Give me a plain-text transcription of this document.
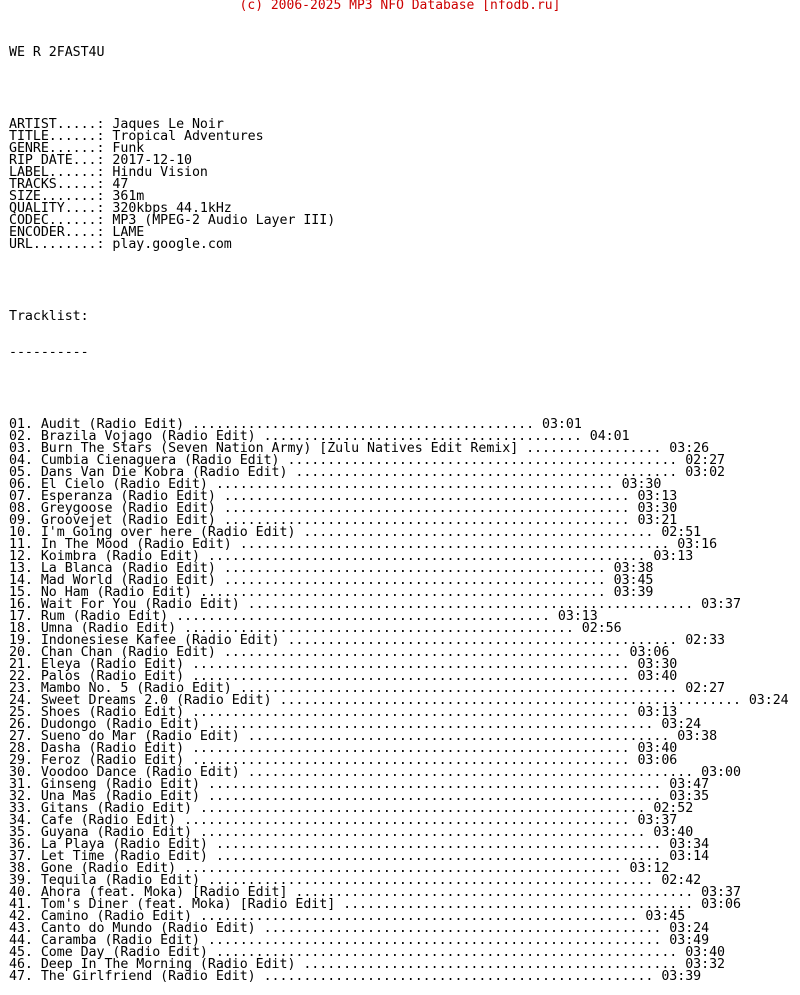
(c) 2006-2025 MP3 NFO Database [nfodb.ru]

WE R 2FAST4U

ARTIST.....: Jaques Le Noir
TITLE......: Tropical Adventures
GENRE......: Funk
RIP DATE...: 2017-12-10
LABEL......: Hindu Vision
TRACKS.....: 47
SIZE.......: 361m
QUALITY....: 320kbps 44.1kHz
CODEC......: MP3 (MPEG-2 Audio Layer III)
ENCODER....: LAME
URL........: play.google.com

Tracklist:

----------

01. Audit (Radio Edit) ........................................... 03:01
02. Brazila Vojago (Radio Edit) ........................................ 04:01
03. Burn The Stars (Seven Nation Army) [Zulu Natives Edit Remix] ................. 03:26
04. Cumbia Cienaguera (Radio Edit) ................................................. 02:27
05. Dans Van Die Kobra (Radio Edit) ................................................ 03:02
06. El Cielo (Radio Edit) .................................................. 03:30
07. Esperanza (Radio Edit) ................................................... 03:13
08. Greygoose (Radio Edit) ................................................... 03:30
09. Groovejet (Radio Edit) ................................................... 03:21
10. I'm Going over here (Radio Edit) ............................................ 02:51
11. In The Mood (Radio Edit) ...................................................... 03:16
12. Koimbra (Radio Edit) ....................................................... 03:13
13. La Blanca (Radio Edit) ................................................ 03:38
14. Mad World (Radio Edit) ................................................ 03:45
15. No Ham (Radio Edit) ................................................... 03:39
16. Wait For You (Radio Edit) ........................................................ 03:37
17. Rum (Radio Edit) ............................................... 03:13
18. Umna (Radio Edit) ................................................. 02:56
19. Indonesiese Kafee (Radio Edit) ................................................. 02:33
20. Chan Chan (Radio Edit) .................................................. 03:06
21. Eleya (Radio Edit) ....................................................... 03:30
22. Palos (Radio Edit) ....................................................... 03:40
23. Mambo No. 5 (Radio Edit) ....................................................... 02:27
24. Sweet Dreams 2.0 (Radio Edit) .......................................................... 03:24
25. Shoes (Radio Edit) ....................................................... 03:13
26. Dudongo (Radio Edit) ........................................................ 03:24
27. Sueno do Mar (Radio Edit) ..................................................... 03:38
28. Dasha (Radio Edit) ....................................................... 03:40
29. Feroz (Radio Edit) ....................................................... 03:06
30. Voodoo Dance (Radio Edit) ........................................................ 03:00
31. Ginseng (Radio Edit) ......................................................... 03:47
32. Una Mas (Radio Edit) ......................................................... 03:35
33. Gitans (Radio Edit) ........................................................ 02:52
34. Cafe (Radio Edit) ........................................................ 03:37
35. Guyana (Radio Edit) ........................................................ 03:40
36. La Playa (Radio Edit) ........................................................ 03:34
37. Let Time (Radio Edit) ........................................................ 03:14
38. Gone (Radio Edit) ....................................................... 03:12
39. Tequila (Radio Edit) ........................................................ 02:42
40. Ahora (feat. Moka) [Radio Edit] .................................................. 03:37
41. Tom's Diner (feat. Moka) [Radio Edit] ............................................ 03:06
42. Camino (Radio Edit) ....................................................... 03:45
43. Canto do Mundo (Radio Edit) .................................................. 03:24
44. Caramba (Radio Edit) ......................................................... 03:49
45. Come Day (Radio Edit) .......................................................... 03:40
46. Deep In The Morning (Radio Edit) ............................................... 03:32
47. The Girlfriend (Radio Edit) ................................................. 03:39
